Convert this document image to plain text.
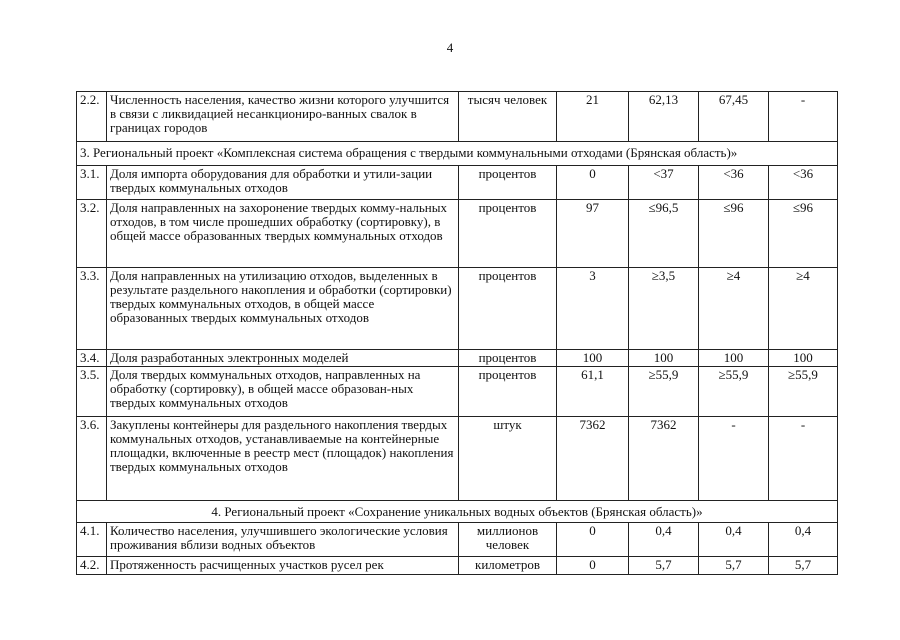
4
2.2.	Численность населения, качество жизни которого улучшится в связи с ликвидацией несанкциониро-ванных свалок в границах городов	тысяч человек	21	62,13	67,45	-
3. Региональный проект «Комплексная система обращения с твердыми коммунальными отходами (Брянская область)»						
3.1.	Доля импорта оборудования для обработки и утили-зации твердых коммунальных отходов	процентов	0	<37	<36	<36
3.2.	Доля направленных на захоронение твердых комму-нальных отходов, в том числе прошедших обработку (сортировку), в общей массе образованных твердых коммунальных отходов	процентов	97	≤96,5	≤96	≤96
3.3.	Доля направленных на утилизацию отходов, выделенных в результате раздельного накопления и обработки (сортировки) твердых коммунальных отходов, в общей массе образованных твердых коммунальных отходов	процентов	3	≥3,5	≥4	≥4
3.4.	Доля разработанных электронных моделей	процентов	100	100	100	100
3.5.	Доля твердых коммунальных отходов, направленных на обработку (сортировку), в общей массе образован-ных твердых коммунальных отходов	процентов	61,1	≥55,9	≥55,9	≥55,9
3.6.	Закуплены контейнеры для раздельного накопления твердых коммунальных отходов, устанавливаемые на контейнерные площадки, включенные в реестр мест (площадок) накопления твердых коммунальных отходов	штук	7362	7362	-	-
4. Региональный проект «Сохранение уникальных водных объектов (Брянская область)»						
4.1.	Количество населения, улучшившего экологические условия проживания вблизи водных объектов	миллионов человек	0	0,4	0,4	0,4
4.2.	Протяженность расчищенных участков русел рек	километров	0	5,7	5,7	5,7
